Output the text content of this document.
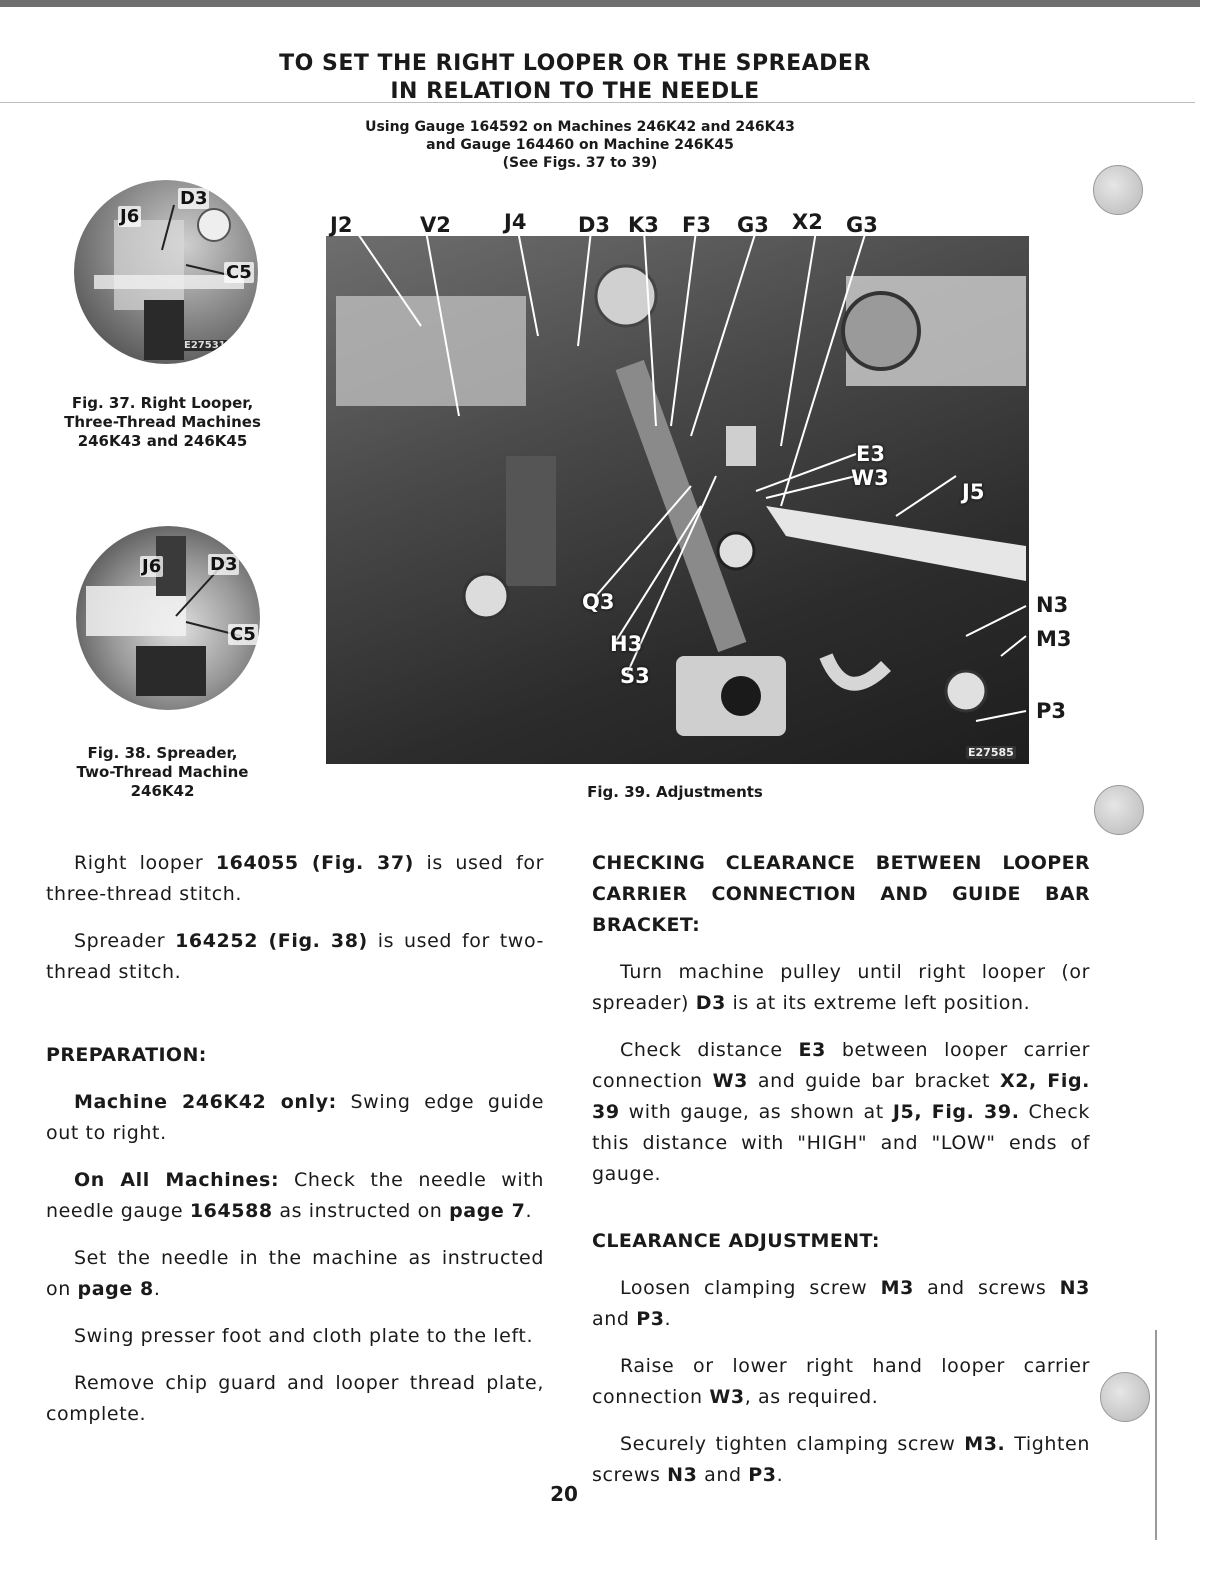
TO SET THE RIGHT LOOPER OR THE SPREADER
IN RELATION TO THE NEEDLE
Using Gauge 164592 on Machines 246K42 and 246K43
and Gauge 164460 on Machine 246K45
(See Figs. 37 to 39)
J6
D3
C5
E27531
Fig. 37. Right Looper,
Three-Thread Machines
246K43 and 246K45
J6	D3
C5
Fig. 38. Spreader,
Two-Thread Machine
246K42
E27585
J2	V2	J4 D3 K3 F3 G3 X2 G3
E3
W3
J5
N3
M3
P3
Q3
H3
S3
Fig. 39. Adjustments

Right looper 164055 (Fig. 37) is used for three-thread stitch.

Spreader 164252 (Fig. 38) is used for two-thread stitch.

PREPARATION:

Machine 246K42 only: Swing edge guide out to right.

On All Machines: Check the needle with needle gauge 164588 as instructed on page 7.

Set the needle in the machine as instructed on page 8.

Swing presser foot and cloth plate to the left.

Remove chip guard and looper thread plate, complete.

CHECKING CLEARANCE BETWEEN LOOPER CARRIER CONNECTION AND GUIDE BAR BRACKET:

Turn machine pulley until right looper (or spreader) D3 is at its extreme left position.

Check distance E3 between looper carrier connection W3 and guide bar bracket X2, Fig. 39 with gauge, as shown at J5, Fig. 39. Check this distance with "HIGH" and "LOW" ends of gauge.

CLEARANCE ADJUSTMENT:

Loosen clamping screw M3 and screws N3 and P3.

Raise or lower right hand looper carrier connection W3, as required.

Securely tighten clamping screw M3. Tighten screws N3 and P3.

20
